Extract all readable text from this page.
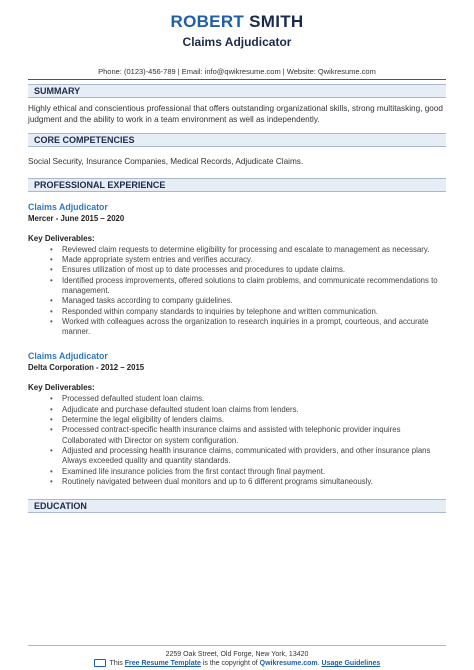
ROBERT SMITH
Claims Adjudicator
Phone: (0123)-456-789 | Email: info@qwikresume.com | Website: Qwikresume.com
SUMMARY
Highly ethical and conscientious professional that offers outstanding organizational skills, strong multitasking, good judgment and the ability to work in a team environment as well as independently.
CORE COMPETENCIES
Social Security, Insurance Companies, Medical Records, Adjudicate Claims.
PROFESSIONAL EXPERIENCE
Claims Adjudicator
Mercer - June 2015 – 2020
Key Deliverables:
• Reviewed claim requests to determine eligibility for processing and escalate to management as necessary.
• Made appropriate system entries and verifies accuracy.
• Ensures utilization of most up to date processes and procedures to update claims.
• Identified process improvements, offered solutions to claim problems, and communicate recommendations to management.
• Managed tasks according to company guidelines.
• Responded within company standards to inquiries by telephone and written communication.
• Worked with colleagues across the organization to research inquiries in a prompt, courteous, and accurate manner.
Claims Adjudicator
Delta Corporation - 2012 – 2015
Key Deliverables:
• Processed defaulted student loan claims.
• Adjudicate and purchase defaulted student loan claims from lenders.
• Determine the legal eligibility of lenders claims.
• Processed contract-specific health insurance claims and assisted with telephonic provider inquires Collaborated with Director on system configuration.
• Adjusted and processing health insurance claims, communicated with providers, and other insurance plans Always exceeded quality and quantity standards.
• Examined life insurance policies from the first contact through final payment.
• Routinely navigated between dual monitors and up to 6 different programs simultaneously.
EDUCATION
2259 Oak Street, Old Forge, New York, 13420
This Free Resume Template is the copyright of Qwikresume.com. Usage Guidelines
